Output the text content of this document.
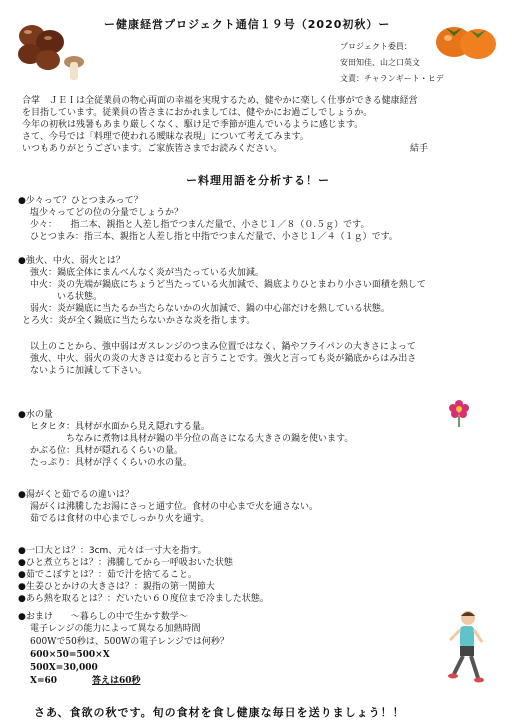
ー健康経営プロジェクト通信１９号（2020初秋）ー
プロジェクト委員：
安田知佳、山之口英文
文責：チャランギート・ヒデ
合掌　ＪＥＩは全従業員の物心両面の幸福を実現するため、健やかに楽しく仕事ができる健康経営
を目指しています。従業員の皆さまにおかれましては、健やかにお過ごしでしょうか。
今年の初秋は残暑もあまり厳しくなく、駆け足で季節が進んでいるように感じます。
さて、今号では「料理で使われる曖昧な表現」について考えてみます。
いつもありがとうございます。ご家族皆さまでお読みください。	結手
ー料理用語を分析する！ー
● 少々って？ひとつまみって？
塩少々ってどの位の分量でしょうか？
少々：　　指二本、親指と人差し指でつまんだ量で、小さじ１／８（０.５ｇ）です。
ひとつまみ：指三本、親指と人差し指と中指でつまんだ量で、小さじ１／４（１ｇ）です。
● 強火、中火、弱火とは？
強火：鍋底全体にまんべんなく炎が当たっている火加減。
中火：炎の先端が鍋底にちょうど当たっている火加減で、鍋底よりひとまわり小さい面積を熱して
　　　いる状態。
弱火：炎が鍋底に当たるか当たらないかの火加減で、鍋の中心部だけを熱している状態。
とろ火：炎が全く鍋底に当たらないかさな炎を指します。
以上のことから、強中弱はガスレンジのつまみ位置ではなく、鍋やフライパンの大きさによって
強火、中火、弱火の炎の大きさは変わると言うことです。強火と言っても炎が鍋底からはみ出さ
ないように加減して下さい。
● 水の量
ヒタヒタ：具材が水面から見え隠れする量。
　　　　ちなみに煮物は具材が鍋の半分位の高さになる大きさの鍋を使います。
かぶる位：具材が隠れるくらいの量。
たっぷり：具材が浮くくらいの水の量。
● 湯がくと茹でるの違いは？
湯がくは沸騰したお湯にさっと通す位。食材の中心まで火を通さない。
茹でるは食材の中心までしっかり火を通す。
● 一口大とは？：3cm、元々は一寸大を指す。
● ひと煮立ちとは？：沸騰してから一呼吸おいた状態
● 茹でこぼすとは？：茹で汁を捨てること。
● 生姜ひとかけの大きさは？：親指の第一関節大
● あら熱を取るとは？：だいたい６０度位まで冷ました状態。
● おまけ　　～暮らしの中で生かす数学～
電子レンジの能力によって異なる加熱時間
600Wで50秒は、500Wの電子レンジでは何秒？
600×50=500×X
500X=30,000
X=60	答えは60秒
さあ、食欲の秋です。旬の食材を食し健康な毎日を送りましょう！！
